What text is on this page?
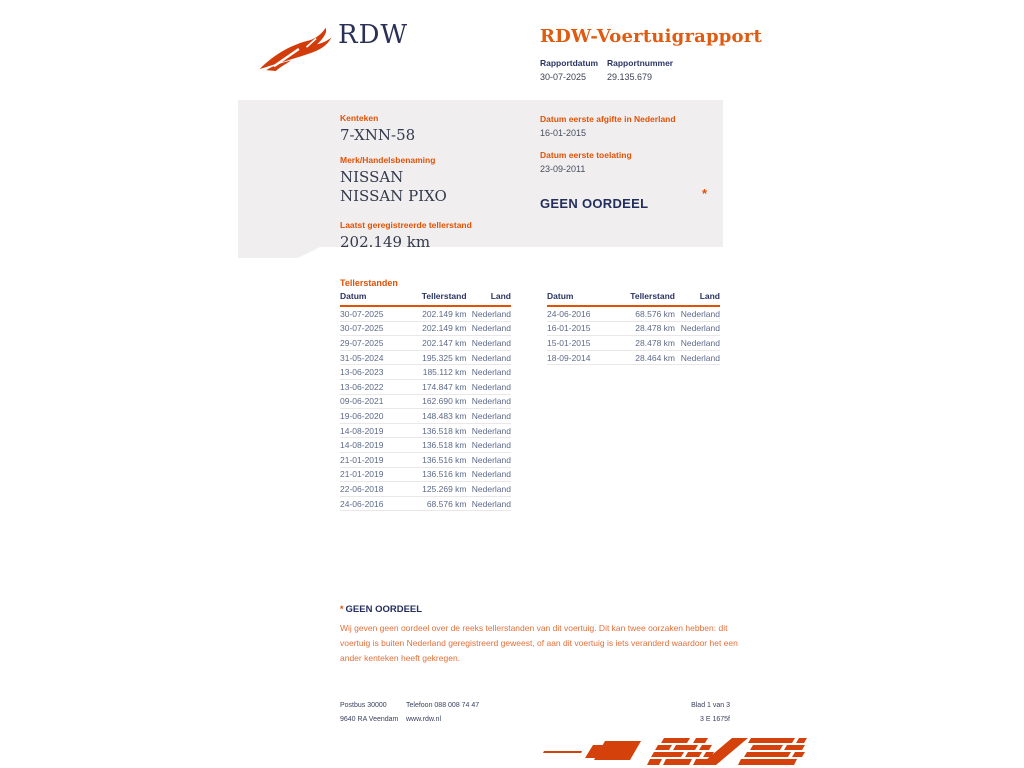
RDW	RDW-Voertuigrapport
Rapportdatum
30-07-2025
Rapportnummer
29.135.679
Kenteken
7-XNN-58
Merk/Handelsbenaming
NISSAN NISSAN PIXO
Laatst geregistreerde tellerstand
202.149 km
Datum eerste afgifte in Nederland
16-01-2015
Datum eerste toelating
23-09-2011
GEEN OORDEEL
*
Tellerstanden
Datum	Tellerstand	Land
30-07-2025	202.149 km Nederland
30-07-2025	202.149 km Nederland
29-07-2025	202.147 km Nederland
31-05-2024	195.325 km Nederland
13-06-2023	185.112 km Nederland
13-06-2022	174.847 km Nederland
09-06-2021	162.690 km Nederland
19-06-2020	148.483 km Nederland
14-08-2019	136.518 km Nederland
14-08-2019	136.518 km Nederland
21-01-2019	136.516 km Nederland
21-01-2019	136.516 km Nederland
22-06-2018	125.269 km Nederland
24-06-2016	68.576 km Nederland
Datum	Tellerstand	Land
24-06-2016	68.576 km Nederland
16-01-2015	28.478 km Nederland
15-01-2015	28.478 km Nederland
18-09-2014	28.464 km Nederland
* GEEN OORDEEL
Wij geven geen oordeel over de reeks tellerstanden van dit voertuig. Dit kan twee oorzaken hebben: dit voertuig is buiten Nederland geregistreerd geweest, of aan dit voertuig is iets veranderd waardoor het een ander kenteken heeft gekregen.
Postbus 30000
9640 RA Veendam
Telefoon 088 008 74 47
www.rdw.nl
Blad 1 van 3
3 E 1675f
